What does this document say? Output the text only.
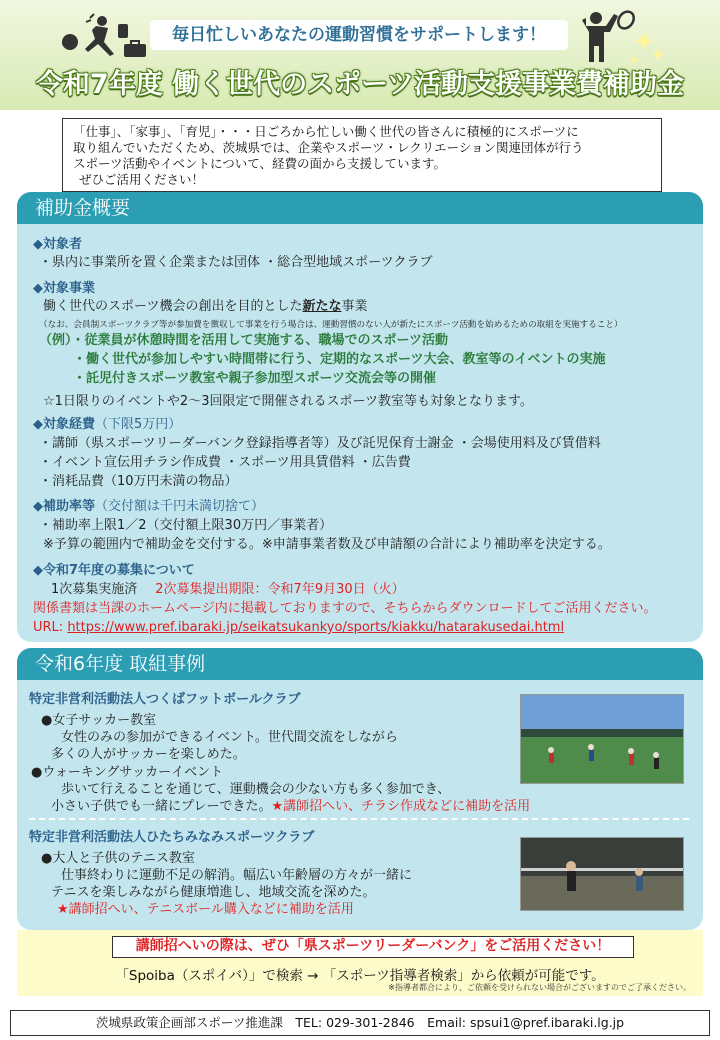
毎日忙しいあなたの運動習慣をサポートします！
令和7年度 働く世代のスポーツ活動支援事業費補助金
「仕事」、「家事」、「育児」・・・日ごろから忙しい働く世代の皆さんに積極的にスポーツに
取り組んでいただくため、茨城県では、企業やスポーツ・レクリエーション関連団体が行う
スポーツ活動やイベントについて、経費の面から支援しています。
ぜひご活用ください！
補助金概要
◆対象者
・県内に事業所を置く企業または団体 ・総合型地域スポーツクラブ
◆対象事業
働く世代のスポーツ機会の創出を目的とした新たな事業
（なお、会員制スポーツクラブ等が参加費を徴収して事業を行う場合は、運動習慣のない人が新たにスポーツ活動を始めるための取組を実施すること）
（例）・従業員が休憩時間を活用して実施する、職場でのスポーツ活動
・働く世代が参加しやすい時間帯に行う、定期的なスポーツ大会、教室等のイベントの実施
・託児付きスポーツ教室や親子参加型スポーツ交流会等の開催
☆1日限りのイベントや2～3回限定で開催されるスポーツ教室等も対象となります。
◆対象経費（下限5万円）
・講師（県スポーツリーダーバンク登録指導者等）及び託児保育士謝金 ・会場使用料及び賃借料
・イベント宣伝用チラシ作成費 ・スポーツ用具賃借料 ・広告費
・消耗品費（10万円未満の物品）
◆補助率等（交付額は千円未満切捨て）
・補助率上限1／2（交付額上限30万円／事業者）
※予算の範囲内で補助金を交付する。※申請事業者数及び申請額の合計により補助率を決定する。
◆令和7年度の募集について
1次募集実施済 2次募集提出期限：令和7年9月30日（火）
関係書類は当課のホームページ内に掲載しておりますので、そちらからダウンロードしてご活用ください。
URL: https://www.pref.ibaraki.jp/seikatsukankyo/sports/kiakku/hatarakusedai.html
令和6年度 取組事例
特定非営利活動法人つくばフットボールクラブ
●女子サッカー教室
女性のみの参加ができるイベント。世代間交流をしながら
多くの人がサッカーを楽しめた。
●ウォーキングサッカーイベント
歩いて行えることを通じて、運動機会の少ない方も多く参加でき、
小さい子供でも一緒にプレーできた。★講師招へい、チラシ作成などに補助を活用
特定非営利活動法人ひたちみなみスポーツクラブ
●大人と子供のテニス教室
仕事終わりに運動不足の解消。幅広い年齢層の方々が一緒に
テニスを楽しみながら健康増進し、地域交流を深めた。
★講師招へい、テニスボール購入などに補助を活用
講師招へいの際は、ぜひ「県スポーツリーダーバンク」をご活用ください！
「Spoiba（スポイバ）」で検索 → 「スポーツ指導者検索」から依頼が可能です。
※指導者都合により、ご依頼を受けられない場合がございますのでご了承ください。
茨城県政策企画部スポーツ推進課　TEL: 029-301-2846　Email: spsui1@pref.ibaraki.lg.jp
